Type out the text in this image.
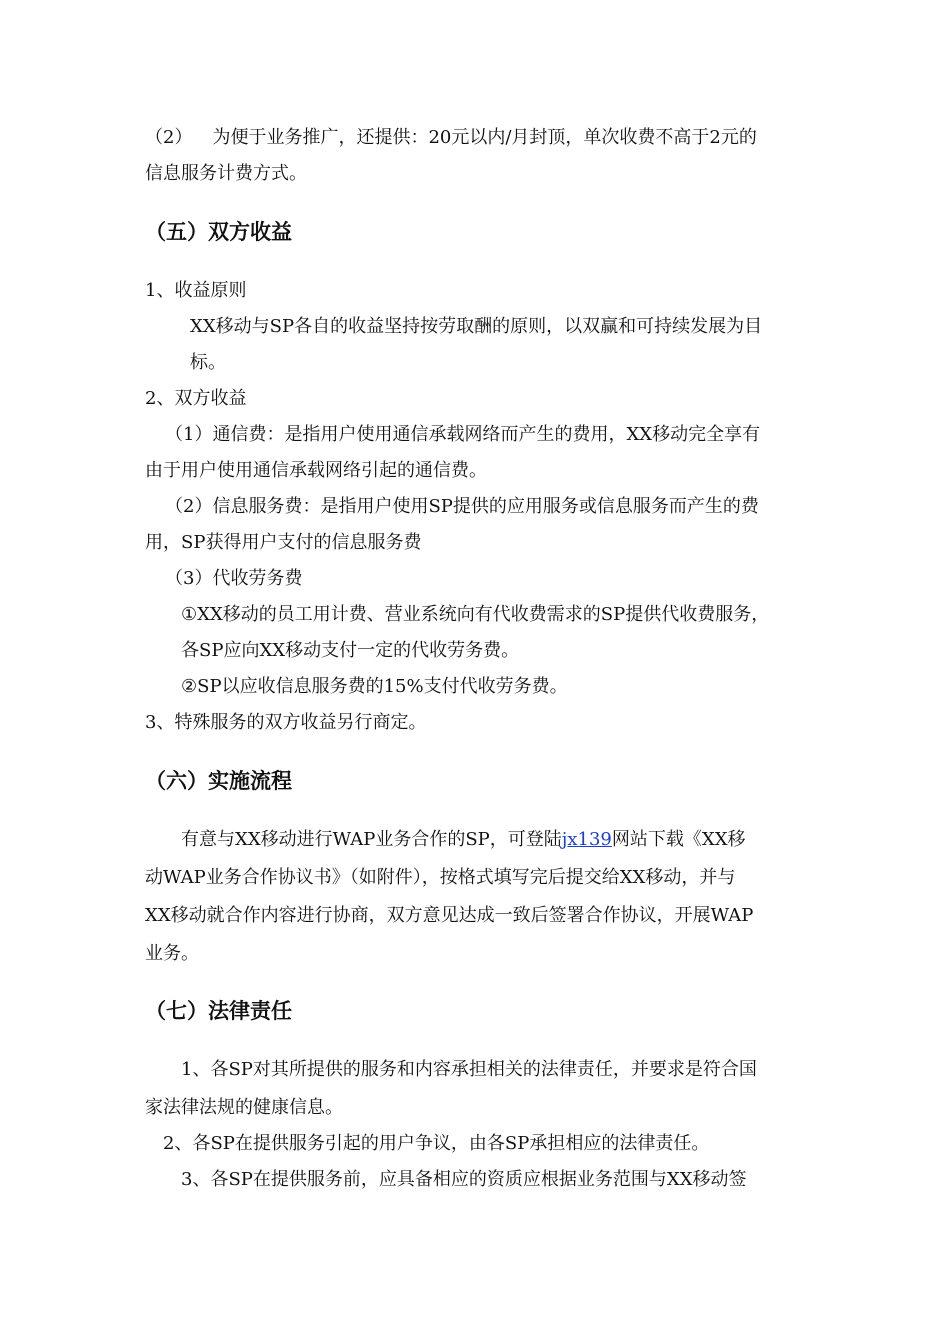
（2） 为便于业务推广，还提供：20元以内/月封顶，单次收费不高于2元的
信息服务计费方式。
（五）双方收益
1、收益原则
XX移动与SP各自的收益坚持按劳取酬的原则，以双赢和可持续发展为目
标。
2、双方收益
（1）通信费：是指用户使用通信承载网络而产生的费用，XX移动完全享有
由于用户使用通信承载网络引起的通信费。
（2）信息服务费：是指用户使用SP提供的应用服务或信息服务而产生的费
用，SP获得用户支付的信息服务费
（3）代收劳务费
①XX移动的员工用计费、营业系统向有代收费需求的SP提供代收费服务，
各SP应向XX移动支付一定的代收劳务费。
②SP以应收信息服务费的15%支付代收劳务费。
3、特殊服务的双方收益另行商定。
（六）实施流程
有意与XX移动进行WAP业务合作的SP，可登陆jx139网站下载《XX移
动WAP业务合作协议书》（如附件），按格式填写完后提交给XX移动，并与
XX移动就合作内容进行协商，双方意见达成一致后签署合作协议，开展WAP
业务。
（七）法律责任
1、各SP对其所提供的服务和内容承担相关的法律责任，并要求是符合国
家法律法规的健康信息。
2、各SP在提供服务引起的用户争议，由各SP承担相应的法律责任。
3、各SP在提供服务前，应具备相应的资质应根据业务范围与XX移动签
